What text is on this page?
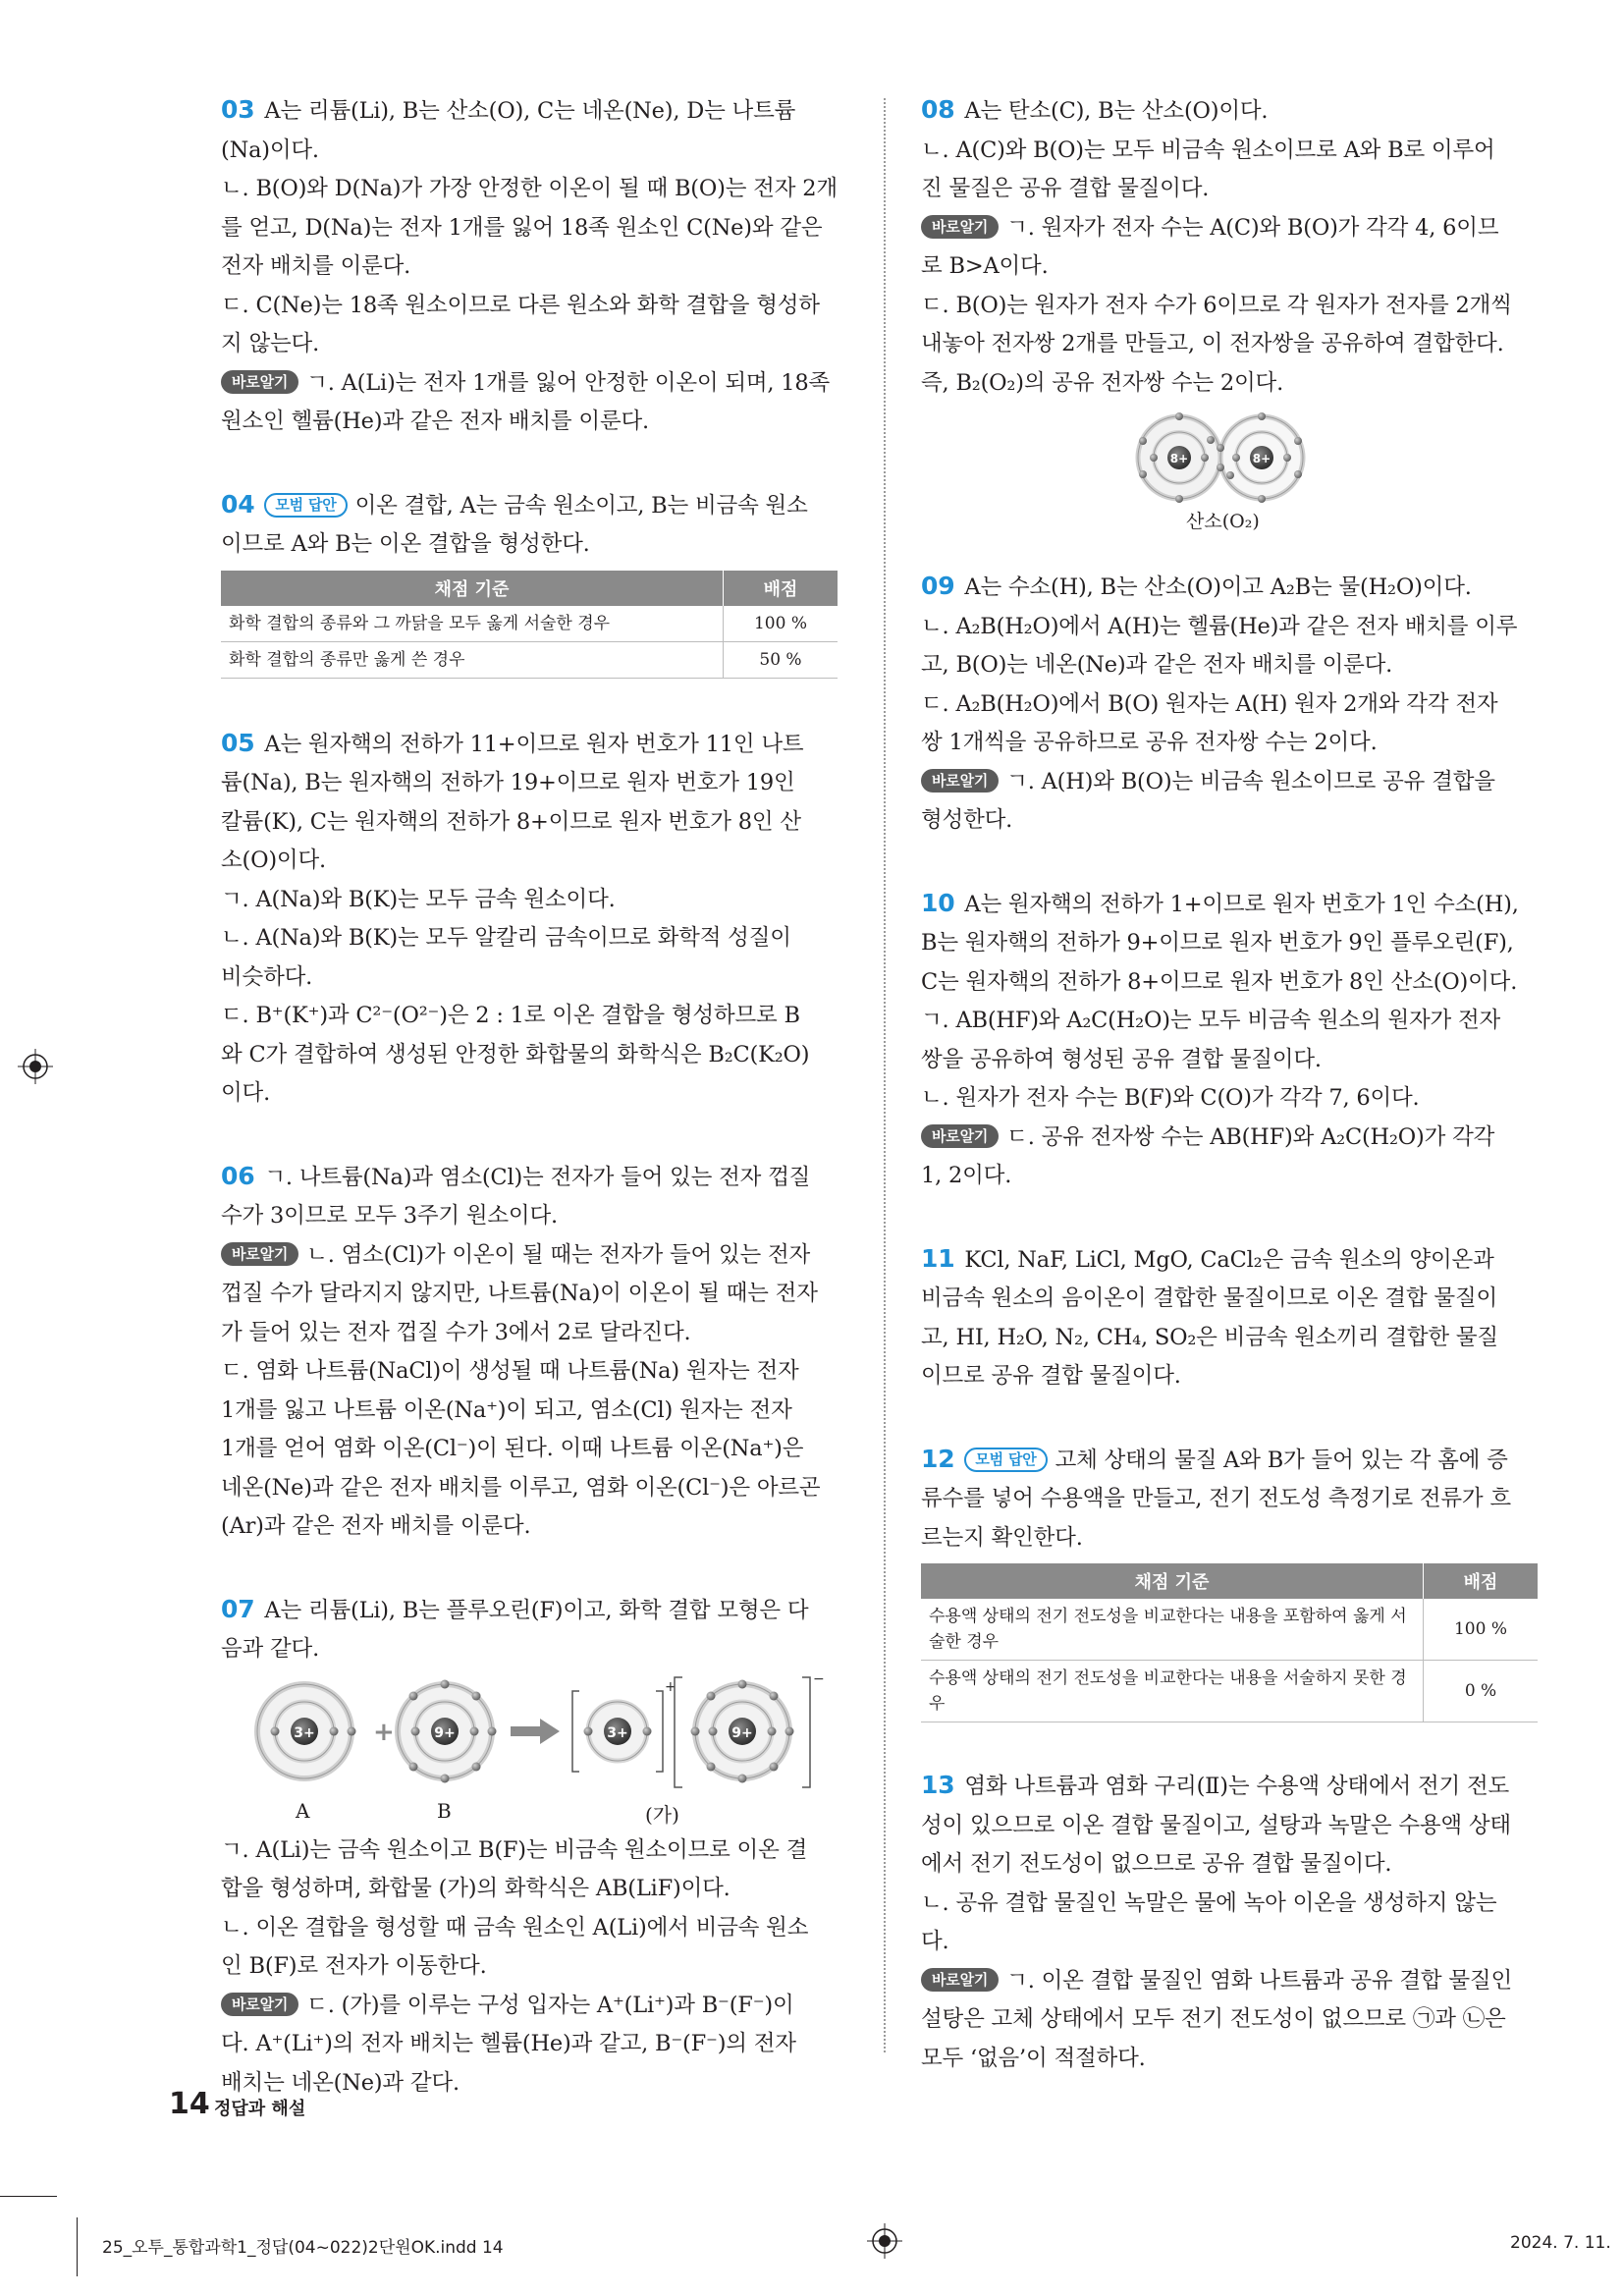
03 A는 리튬(Li), B는 산소(O), C는 네온(Ne), D는 나트륨

(Na)이다.

ㄴ. B(O)와 D(Na)가 가장 안정한 이온이 될 때 B(O)는 전자 2개

를 얻고, D(Na)는 전자 1개를 잃어 18족 원소인 C(Ne)와 같은

전자 배치를 이룬다.

ㄷ. C(Ne)는 18족 원소이므로 다른 원소와 화학 결합을 형성하

지 않는다.

바로알기 ㄱ. A(Li)는 전자 1개를 잃어 안정한 이온이 되며, 18족

원소인 헬륨(He)과 같은 전자 배치를 이룬다.

04 모범 답안 이온 결합, A는 금속 원소이고, B는 비금속 원소

이므로 A와 B는 이온 결합을 형성한다.

채점 기준	배점
화학 결합의 종류와 그 까닭을 모두 옳게 서술한 경우	100 %
화학 결합의 종류만 옳게 쓴 경우	50 %

05 A는 원자핵의 전하가 11+이므로 원자 번호가 11인 나트

륨(Na), B는 원자핵의 전하가 19+이므로 원자 번호가 19인

칼륨(K), C는 원자핵의 전하가 8+이므로 원자 번호가 8인 산

소(O)이다.

ㄱ. A(Na)와 B(K)는 모두 금속 원소이다.

ㄴ. A(Na)와 B(K)는 모두 알칼리 금속이므로 화학적 성질이

비슷하다.

ㄷ. B⁺(K⁺)과 C²⁻(O²⁻)은 2 : 1로 이온 결합을 형성하므로 B

와 C가 결합하여 생성된 안정한 화합물의 화학식은 B₂C(K₂O)

이다.

06 ㄱ. 나트륨(Na)과 염소(Cl)는 전자가 들어 있는 전자 껍질

수가 3이므로 모두 3주기 원소이다.

바로알기 ㄴ. 염소(Cl)가 이온이 될 때는 전자가 들어 있는 전자

껍질 수가 달라지지 않지만, 나트륨(Na)이 이온이 될 때는 전자

가 들어 있는 전자 껍질 수가 3에서 2로 달라진다.

ㄷ. 염화 나트륨(NaCl)이 생성될 때 나트륨(Na) 원자는 전자

1개를 잃고 나트륨 이온(Na⁺)이 되고, 염소(Cl) 원자는 전자

1개를 얻어 염화 이온(Cl⁻)이 된다. 이때 나트륨 이온(Na⁺)은

네온(Ne)과 같은 전자 배치를 이루고, 염화 이온(Cl⁻)은 아르곤

(Ar)과 같은 전자 배치를 이룬다.

07 A는 리튬(Li), B는 플루오린(F)이고, 화학 결합 모형은 다

음과 같다.

3+ +	9+
+
3+
−
9+
A	B	(가)

ㄱ. A(Li)는 금속 원소이고 B(F)는 비금속 원소이므로 이온 결

합을 형성하며, 화합물 (가)의 화학식은 AB(LiF)이다.

ㄴ. 이온 결합을 형성할 때 금속 원소인 A(Li)에서 비금속 원소

인 B(F)로 전자가 이동한다.

바로알기 ㄷ. (가)를 이루는 구성 입자는 A⁺(Li⁺)과 B⁻(F⁻)이

다. A⁺(Li⁺)의 전자 배치는 헬륨(He)과 같고, B⁻(F⁻)의 전자

배치는 네온(Ne)과 같다.

08 A는 탄소(C), B는 산소(O)이다.

ㄴ. A(C)와 B(O)는 모두 비금속 원소이므로 A와 B로 이루어

진 물질은 공유 결합 물질이다.

바로알기 ㄱ. 원자가 전자 수는 A(C)와 B(O)가 각각 4, 6이므

로 B>A이다.

ㄷ. B(O)는 원자가 전자 수가 6이므로 각 원자가 전자를 2개씩

내놓아 전자쌍 2개를 만들고, 이 전자쌍을 공유하여 결합한다.

즉, B₂(O₂)의 공유 전자쌍 수는 2이다.

8+	8+
산소(O₂)

09 A는 수소(H), B는 산소(O)이고 A₂B는 물(H₂O)이다.

ㄴ. A₂B(H₂O)에서 A(H)는 헬륨(He)과 같은 전자 배치를 이루

고, B(O)는 네온(Ne)과 같은 전자 배치를 이룬다.

ㄷ. A₂B(H₂O)에서 B(O) 원자는 A(H) 원자 2개와 각각 전자

쌍 1개씩을 공유하므로 공유 전자쌍 수는 2이다.

바로알기 ㄱ. A(H)와 B(O)는 비금속 원소이므로 공유 결합을

형성한다.

10 A는 원자핵의 전하가 1+이므로 원자 번호가 1인 수소(H),

B는 원자핵의 전하가 9+이므로 원자 번호가 9인 플루오린(F),

C는 원자핵의 전하가 8+이므로 원자 번호가 8인 산소(O)이다.

ㄱ. AB(HF)와 A₂C(H₂O)는 모두 비금속 원소의 원자가 전자

쌍을 공유하여 형성된 공유 결합 물질이다.

ㄴ. 원자가 전자 수는 B(F)와 C(O)가 각각 7, 6이다.

바로알기 ㄷ. 공유 전자쌍 수는 AB(HF)와 A₂C(H₂O)가 각각

1, 2이다.

11 KCl, NaF, LiCl, MgO, CaCl₂은 금속 원소의 양이온과

비금속 원소의 음이온이 결합한 물질이므로 이온 결합 물질이

고, HI, H₂O, N₂, CH₄, SO₂은 비금속 원소끼리 결합한 물질

이므로 공유 결합 물질이다.

12 모범 답안 고체 상태의 물질 A와 B가 들어 있는 각 홈에 증

류수를 넣어 수용액을 만들고, 전기 전도성 측정기로 전류가 흐

르는지 확인한다.

채점 기준	배점
수용액 상태의 전기 전도성을 비교한다는 내용을 포함하여 옳게 서술한 경우	100 %
수용액 상태의 전기 전도성을 비교한다는 내용을 서술하지 못한 경우	0 %

13 염화 나트륨과 염화 구리(Ⅱ)는 수용액 상태에서 전기 전도

성이 있으므로 이온 결합 물질이고, 설탕과 녹말은 수용액 상태

에서 전기 전도성이 없으므로 공유 결합 물질이다.

ㄴ. 공유 결합 물질인 녹말은 물에 녹아 이온을 생성하지 않는

다.

바로알기 ㄱ. 이온 결합 물질인 염화 나트륨과 공유 결합 물질인

설탕은 고체 상태에서 모두 전기 전도성이 없으므로 ㉠과 ㉡은

모두 ‘없음’이 적절하다.

14 정답과 해설
25_오투_통합과학1_정답(04~022)2단원OK.indd 14	2024. 7. 11.
